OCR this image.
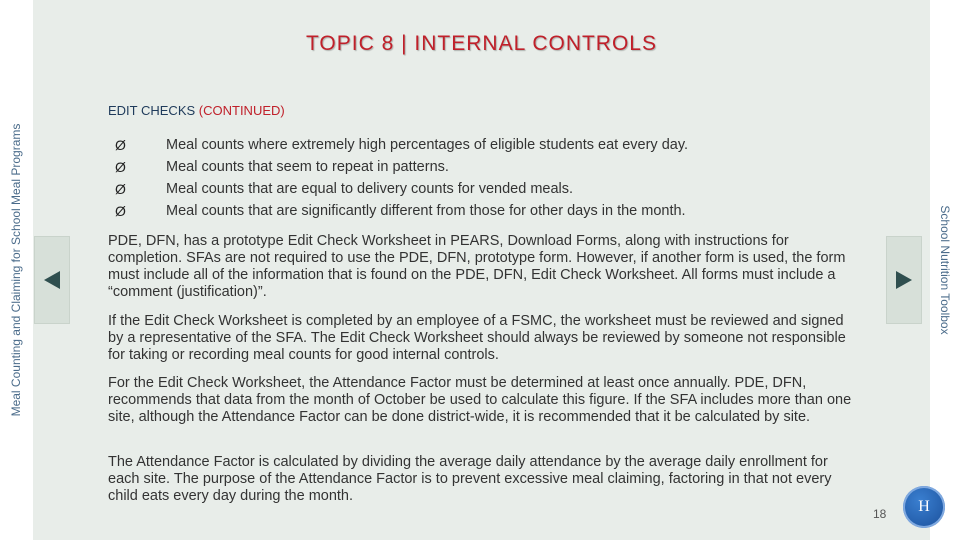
Meal Counting and Claiming for School Meal Programs
TOPIC 8 | INTERNAL CONTROLS
EDIT CHECKS (CONTINUED)
Ø	Meal counts where extremely high percentages of eligible students eat every day.
Ø	Meal counts that seem to repeat in patterns.
Ø	Meal counts that are equal to delivery counts for vended meals.
Ø	Meal counts that are significantly different from those for other days in the month.
PDE, DFN, has a prototype Edit Check Worksheet in PEARS, Download Forms, along with instructions for completion. SFAs are not required to use the PDE, DFN, prototype form. However, if another form is used, the form must include all of the information that is found on the PDE, DFN, Edit Check Worksheet. All forms must include a “comment (justification)”.
If the Edit Check Worksheet is completed by an employee of a FSMC, the worksheet must be reviewed and signed by a representative of the SFA. The Edit Check Worksheet should always be reviewed by someone not responsible for taking or recording meal counts for good internal controls.
For the Edit Check Worksheet, the Attendance Factor must be determined at least once annually. PDE, DFN, recommends that data from the month of October be used to calculate this figure. If the SFA includes more than one site, although the Attendance Factor can be done district-wide, it is recommended that it be calculated by site.
The Attendance Factor is calculated by dividing the average daily attendance by the average daily enrollment for each site. The purpose of the Attendance Factor is to prevent excessive meal claiming, factoring in that not every child eats every day during the month.
18
School Nutrition Toolbox
H
